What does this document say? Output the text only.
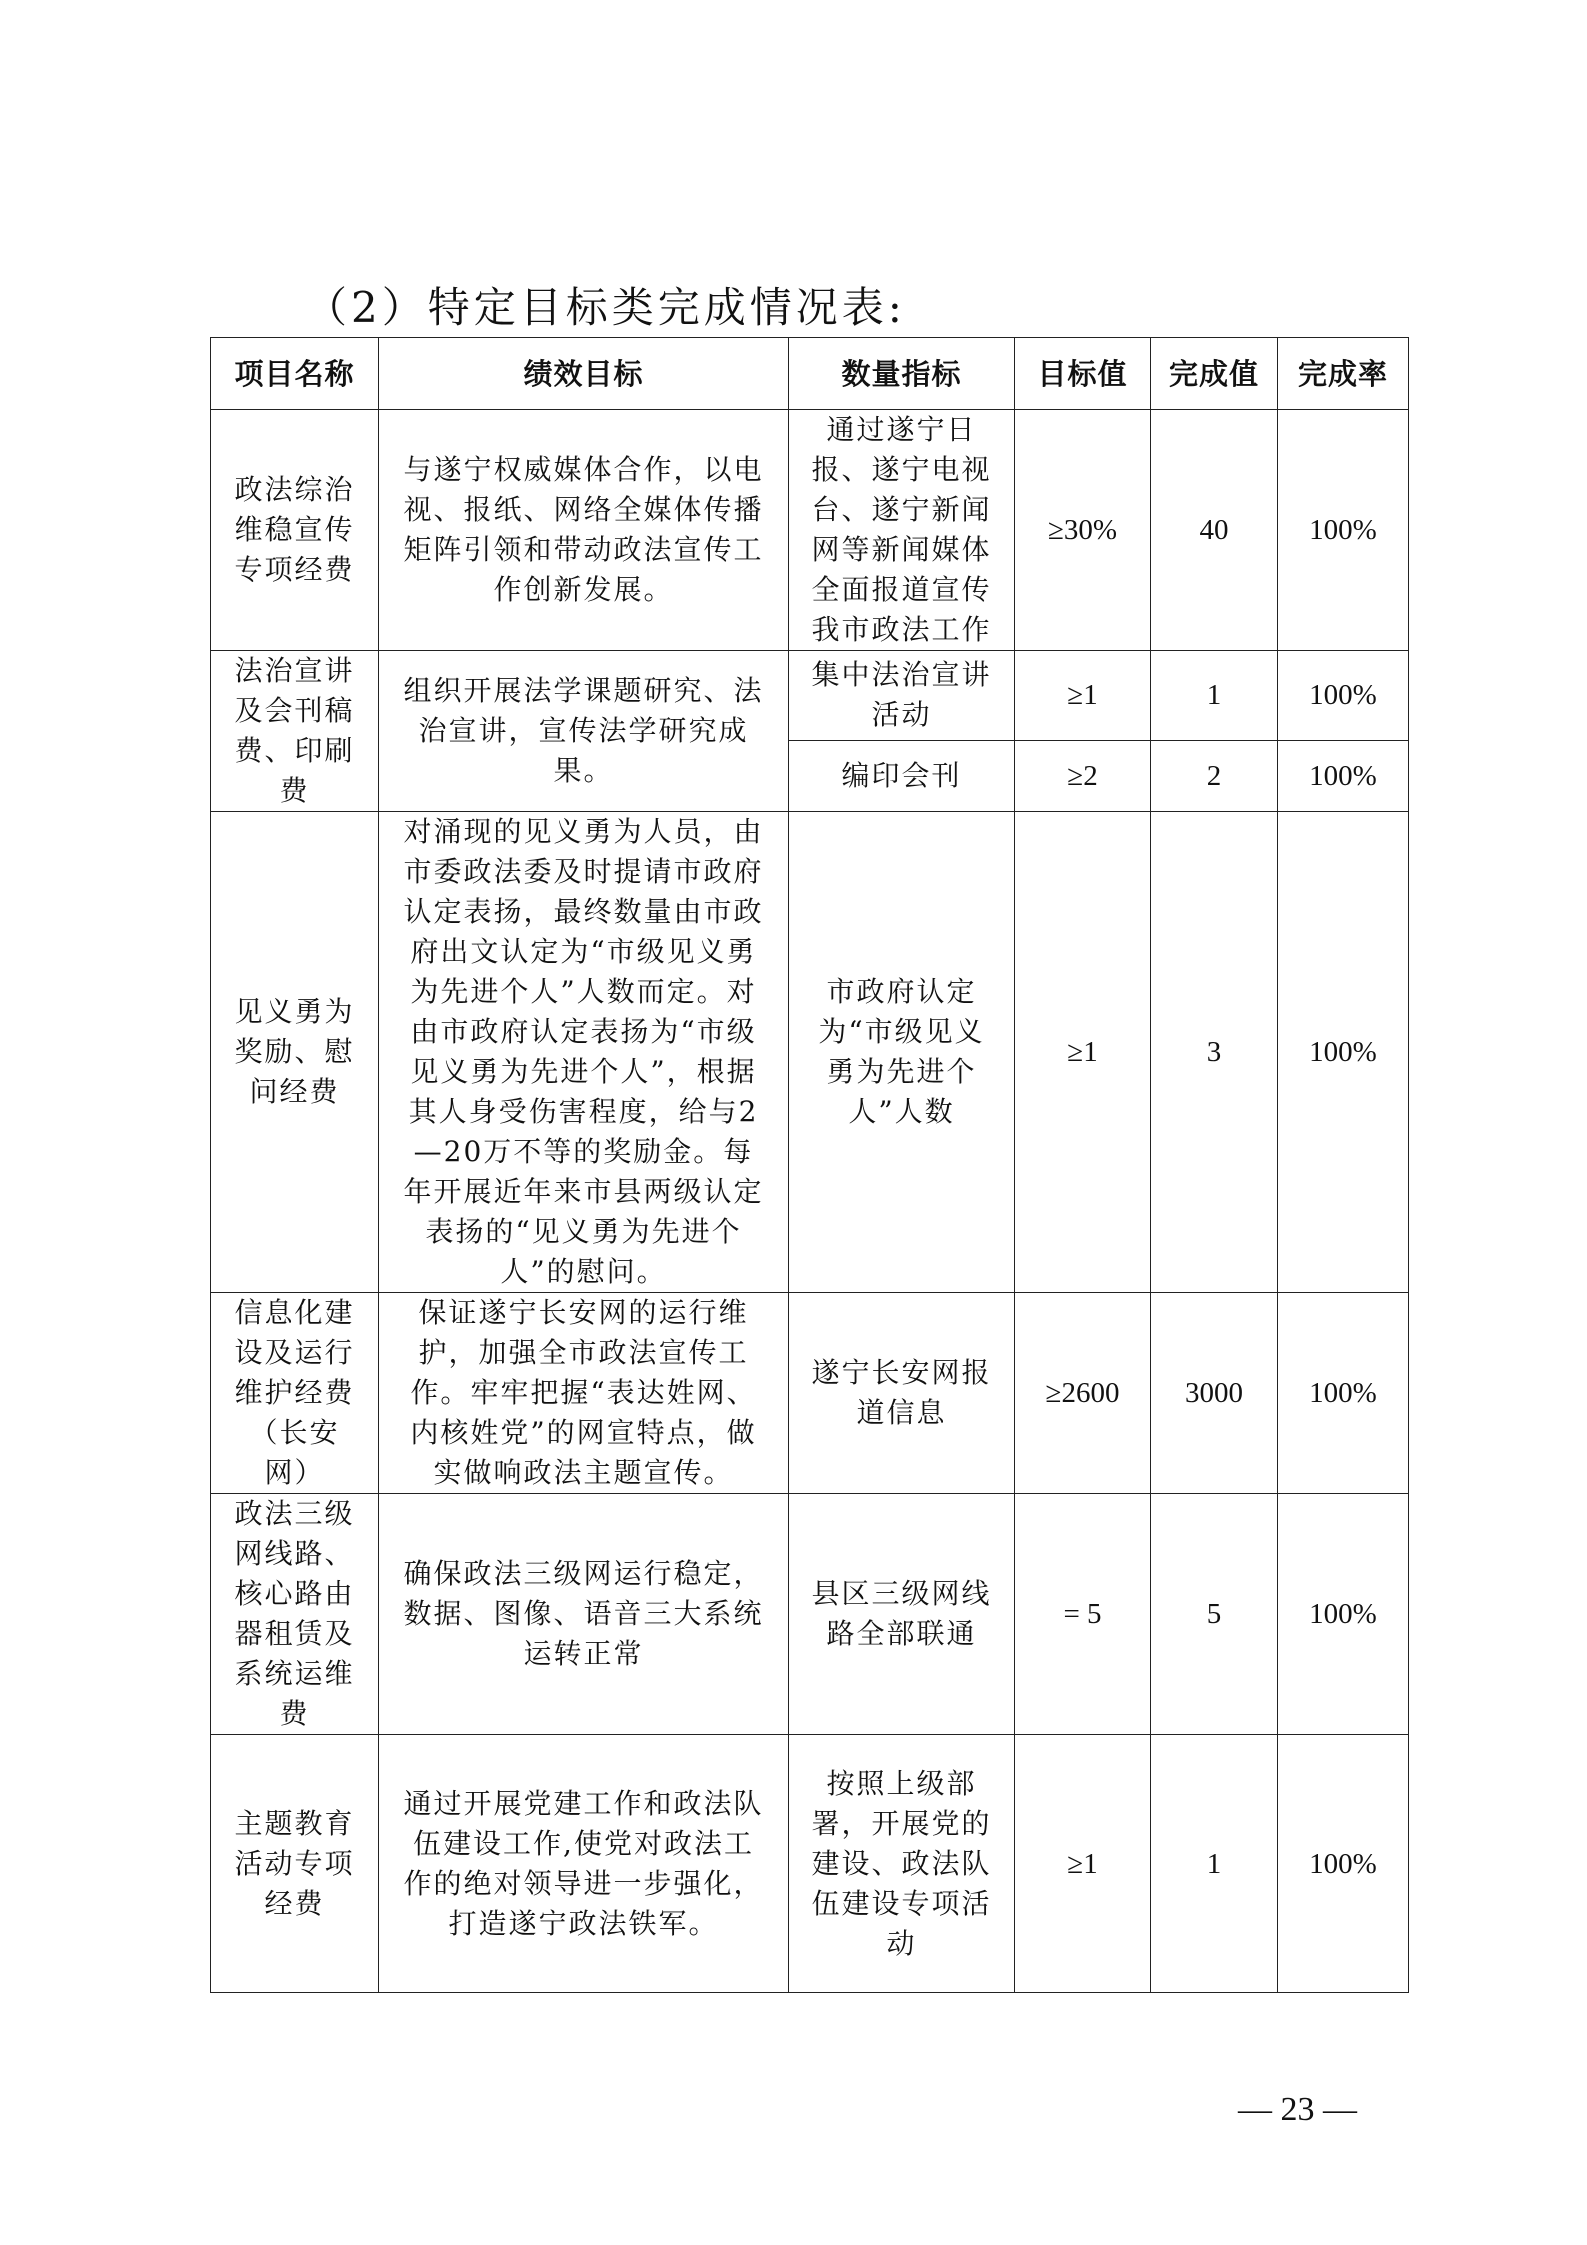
（2）特定目标类完成情况表:
项目名称	绩效目标	数量指标	目标值	完成值	完成率
政法综治维稳宣传专项经费	与遂宁权威媒体合作，以电视、报纸、网络全媒体传播矩阵引领和带动政法宣传工作创新发展。	通过遂宁日报、遂宁电视台、遂宁新闻网等新闻媒体全面报道宣传我市政法工作	≥30%	40	100%
法治宣讲及会刊稿费、印刷费	组织开展法学课题研究、法治宣讲，宣传法学研究成果。	集中法治宣讲活动	≥1	1	100%
		编印会刊	≥2	2	100%
见义勇为奖励、慰问经费	对涌现的见义勇为人员，由市委政法委及时提请市政府认定表扬，最终数量由市政府出文认定为“市级见义勇为先进个人”人数而定。对由市政府认定表扬为“市级见义勇为先进个人”，根据其人身受伤害程度，给与2—20万不等的奖励金。每年开展近年来市县两级认定表扬的“见义勇为先进个人”的慰问。	市政府认定为“市级见义勇为先进个人”人数	≥1	3	100%
信息化建设及运行维护经费（长安网）	保证遂宁长安网的运行维护，加强全市政法宣传工作。牢牢把握“表达姓网、内核姓党”的网宣特点，做实做响政法主题宣传。	遂宁长安网报道信息	≥2600	3000	100%
政法三级网线路、核心路由器租赁及系统运维费	确保政法三级网运行稳定，数据、图像、语音三大系统运转正常	县区三级网线路全部联通	= 5	5	100%
主题教育活动专项经费	通过开展党建工作和政法队伍建设工作,使党对政法工作的绝对领导进一步强化，打造遂宁政法铁军。	按照上级部署，开展党的建设、政法队伍建设专项活动	≥1	1	100%
— 23 —
